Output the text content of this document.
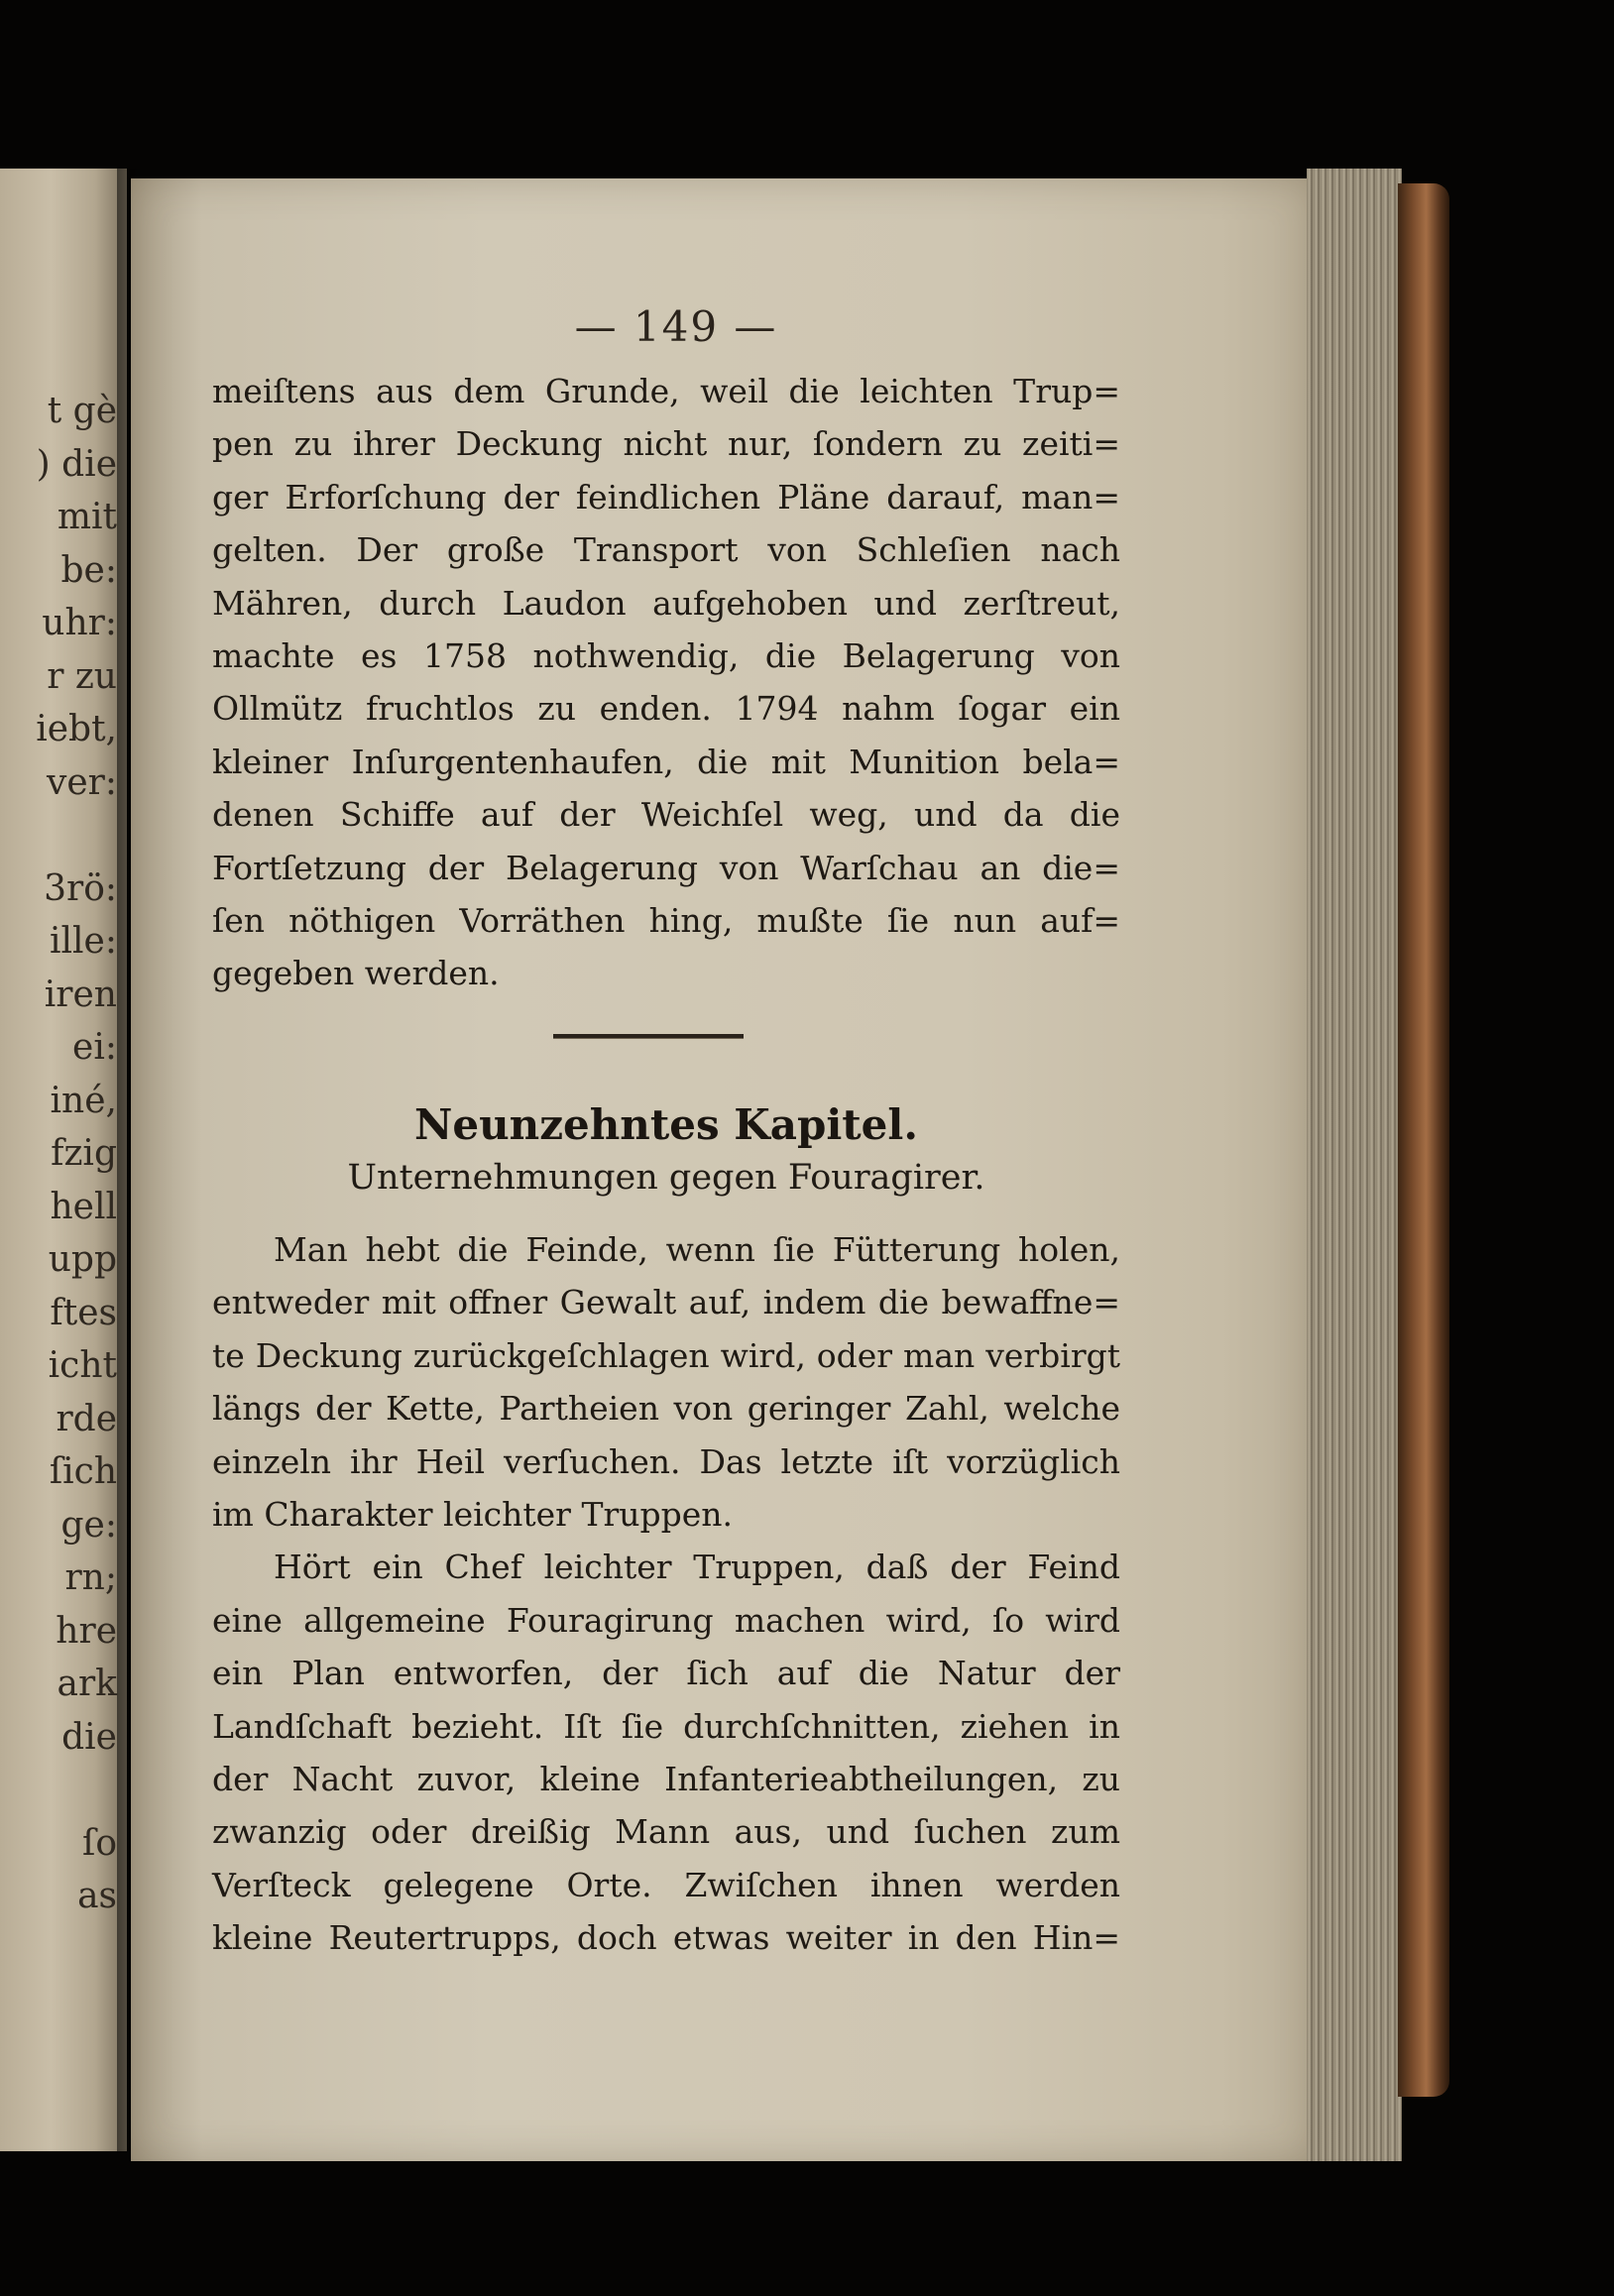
t gè
) die
mit
be:
uhr:
r zu
iebt,
ver:

3rö:
ille:
iren
ei:
iné,
fzig
hell
upp
ftes
icht
rde
ſich
ge:
rn;
hre
ark
die

ſo
as
— 149 —
meiſtens aus dem Grunde, weil die leichten Trup=
pen zu ihrer Deckung nicht nur, ſondern zu zeiti=
ger Erforſchung der feindlichen Pläne darauf, man=
gelten. Der große Transport von Schleſien nach
Mähren, durch Laudon aufgehoben und zerſtreut,
machte es 1758 nothwendig, die Belagerung von
Ollmütz fruchtlos zu enden. 1794 nahm ſogar ein
kleiner Inſurgentenhaufen, die mit Munition bela=
denen Schiffe auf der Weichſel weg, und da die
Fortſetzung der Belagerung von Warſchau an die=
ſen nöthigen Vorräthen hing, mußte ſie nun auf=
gegeben werden.
Neunzehntes Kapitel.
Unternehmungen gegen Fouragirer.
Man hebt die Feinde, wenn ſie Fütterung holen,
entweder mit offner Gewalt auf, indem die bewaffne=
te Deckung zurückgeſchlagen wird, oder man verbirgt
längs der Kette, Partheien von geringer Zahl, welche
einzeln ihr Heil verſuchen. Das letzte iſt vorzüglich
im Charakter leichter Truppen.
Hört ein Chef leichter Truppen, daß der Feind
eine allgemeine Fouragirung machen wird, ſo wird
ein Plan entworfen, der ſich auf die Natur der
Landſchaft bezieht. Iſt ſie durchſchnitten, ziehen in
der Nacht zuvor, kleine Infanterieabtheilungen, zu
zwanzig oder dreißig Mann aus, und ſuchen zum
Verſteck gelegene Orte. Zwiſchen ihnen werden
kleine Reutertrupps, doch etwas weiter in den Hin=
